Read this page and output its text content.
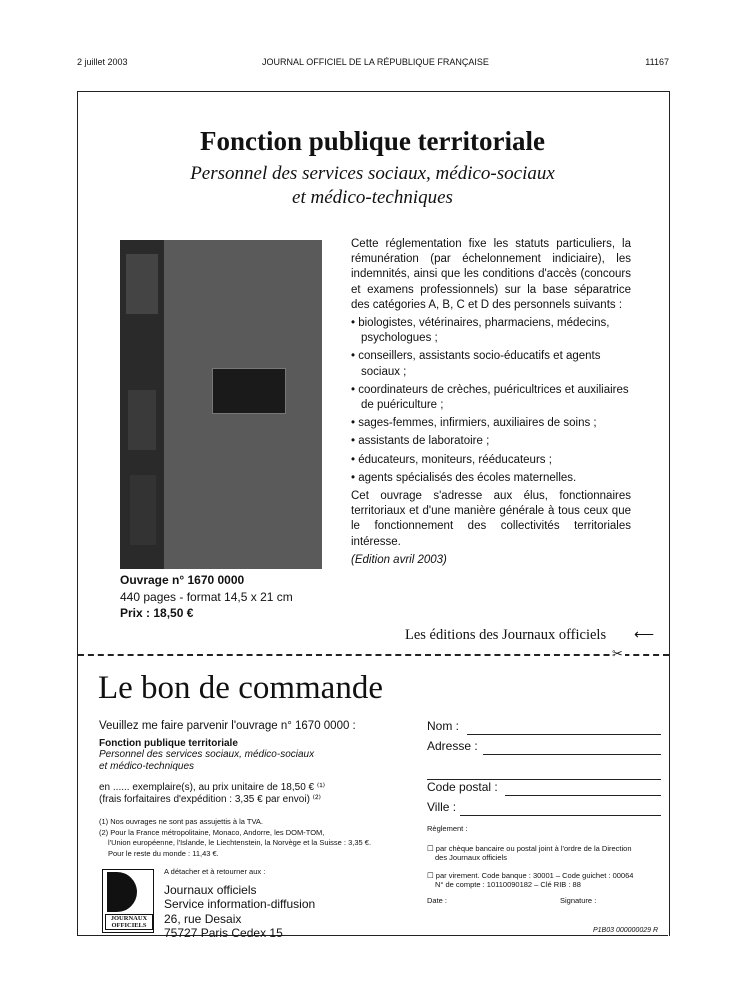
2 juillet 2003	JOURNAL OFFICIEL DE LA RÉPUBLIQUE FRANÇAISE	11167
Fonction publique territoriale
Personnel des services sociaux, médico-sociaux
et médico-techniques

Cette réglementation fixe les statuts particuliers, la rémunération (par échelonnement indiciaire), les indemnités, ainsi que les conditions d'accès (concours et examens professionnels) sur la base séparatrice des catégories A, B, C et D des personnels suivants :

• biologistes, vétérinaires, pharmaciens, médecins, psychologues ;
• conseillers, assistants socio-éducatifs et agents sociaux ;
• coordinateurs de crèches, puéricultrices et auxiliaires de puériculture ;
• sages-femmes, infirmiers, auxiliaires de soins ;
• assistants de laboratoire ;
• éducateurs, moniteurs, rééducateurs ;
• agents spécialisés des écoles maternelles.

Cet ouvrage s'adresse aux élus, fonctionnaires territoriaux et d'une manière générale à tous ceux que le fonctionnement des collectivités territoriales intéresse.

(Edition avril 2003)

Ouvrage n° 1670 0000
440 pages - format 14,5 x 21 cm
Prix : 18,50 €
Les éditions des Journaux officiels ⟵
✂
Le bon de commande
Veuillez me faire parvenir l'ouvrage n° 1670 0000 :
Fonction publique territoriale
Personnel des services sociaux, médico-sociaux
et médico-techniques
en ...... exemplaire(s), au prix unitaire de 18,50 € ⁽¹⁾
(frais forfaitaires d'expédition : 3,35 € par envoi) ⁽²⁾
(1) Nos ouvrages ne sont pas assujettis à la TVA.
(2) Pour la France métropolitaine, Monaco, Andorre, les DOM-TOM,
l'Union européenne, l'Islande, le Liechtenstein, la Norvège et la Suisse : 3,35 €.
Pour le reste du monde : 11,43 €.
JOURNAUX
OFFICIELS
A détacher et à retourner aux :
Journaux officiels
Service information-diffusion
26, rue Desaix
75727 Paris Cedex 15
Nom :
Adresse :
Code postal :
Ville :
Règlement :
☐ par chèque bancaire ou postal joint à l'ordre de la Direction
des Journaux officiels
☐ par virement. Code banque : 30001 – Code guichet : 00064
N° de compte : 10110090182 – Clé RIB : 88
Date :	Signature :
P1B03 000000029 R
